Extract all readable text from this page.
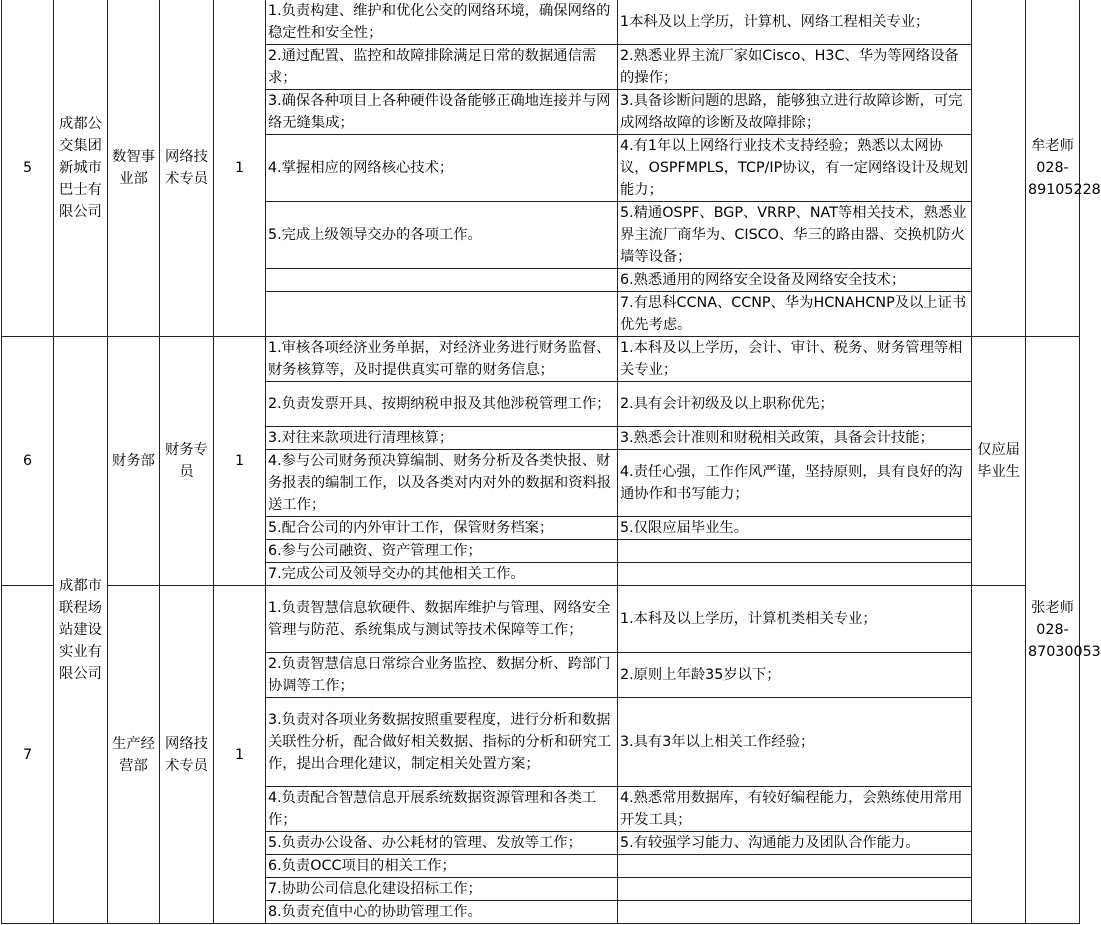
5	成都公交集团新城市巴士有限公司	数智事业部	网络技术专员	1	1.负责构建、维护和优化公交的网络环境，确保网络的稳定性和安全性；	1本科及以上学历，计算机、网络工程相关专业；		牟老师028-89105228
					2.通过配置、监控和故障排除满足日常的数据通信需求；	2.熟悉业界主流厂家如Cisco、H3C、华为等网络设备的操作；		
					3.确保各种项目上各种硬件设备能够正确地连接并与网络无缝集成；	3.具备诊断问题的思路，能够独立进行故障诊断，可完成网络故障的诊断及故障排除；		
					4.掌握相应的网络核心技术；	4.有1年以上网络行业技术支持经验；熟悉以太网协议，OSPFMPLS，TCP/IP协议，有一定网络设计及规划能力；		
					5.完成上级领导交办的各项工作。	5.精通OSPF、BGP、VRRP、NAT等相关技术，熟悉业界主流厂商华为、CISCO、华三的路由器、交换机防火墙等设备；		
						6.熟悉通用的网络安全设备及网络安全技术；		
						7.有思科CCNA、CCNP、华为HCNAHCNP及以上证书优先考虑。		
6	成都市联程场站建设实业有限公司	财务部	财务专员	1	1.审核各项经济业务单据，对经济业务进行财务监督、财务核算等，及时提供真实可靠的财务信息；	1.本科及以上学历，会计、审计、税务、财务管理等相关专业；	仅应届毕业生	张老师028-87030053
					2.负责发票开具、按期纳税申报及其他涉税管理工作；	2.具有会计初级及以上职称优先；		
					3.对往来款项进行清理核算；	3.熟悉会计准则和财税相关政策，具备会计技能；		
					4.参与公司财务预决算编制、财务分析及各类快报、财务报表的编制工作，以及各类对内对外的数据和资料报送工作；	4.责任心强，工作作风严谨，坚持原则，具有良好的沟通协作和书写能力；		
					5.配合公司的内外审计工作，保管财务档案；	5.仅限应届毕业生。		
					6.参与公司融资、资产管理工作；			
					7.完成公司及领导交办的其他相关工作。			
7		生产经营部	网络技术专员	1	1.负责智慧信息软硬件、数据库维护与管理、网络安全管理与防范、系统集成与测试等技术保障等工作；	1.本科及以上学历，计算机类相关专业；		
					2.负责智慧信息日常综合业务监控、数据分析、跨部门协调等工作；	2.原则上年龄35岁以下；		
					3.负责对各项业务数据按照重要程度，进行分析和数据关联性分析，配合做好相关数据、指标的分析和研究工作，提出合理化建议，制定相关处置方案；	3.具有3年以上相关工作经验；		
					4.负责配合智慧信息开展系统数据资源管理和各类工作；	4.熟悉常用数据库，有较好编程能力，会熟练使用常用开发工具；		
					5.负责办公设备、办公耗材的管理、发放等工作；	5.有较强学习能力、沟通能力及团队合作能力。		
					6.负责OCC项目的相关工作；			
					7.协助公司信息化建设招标工作；			
					8.负责充值中心的协助管理工作。			
